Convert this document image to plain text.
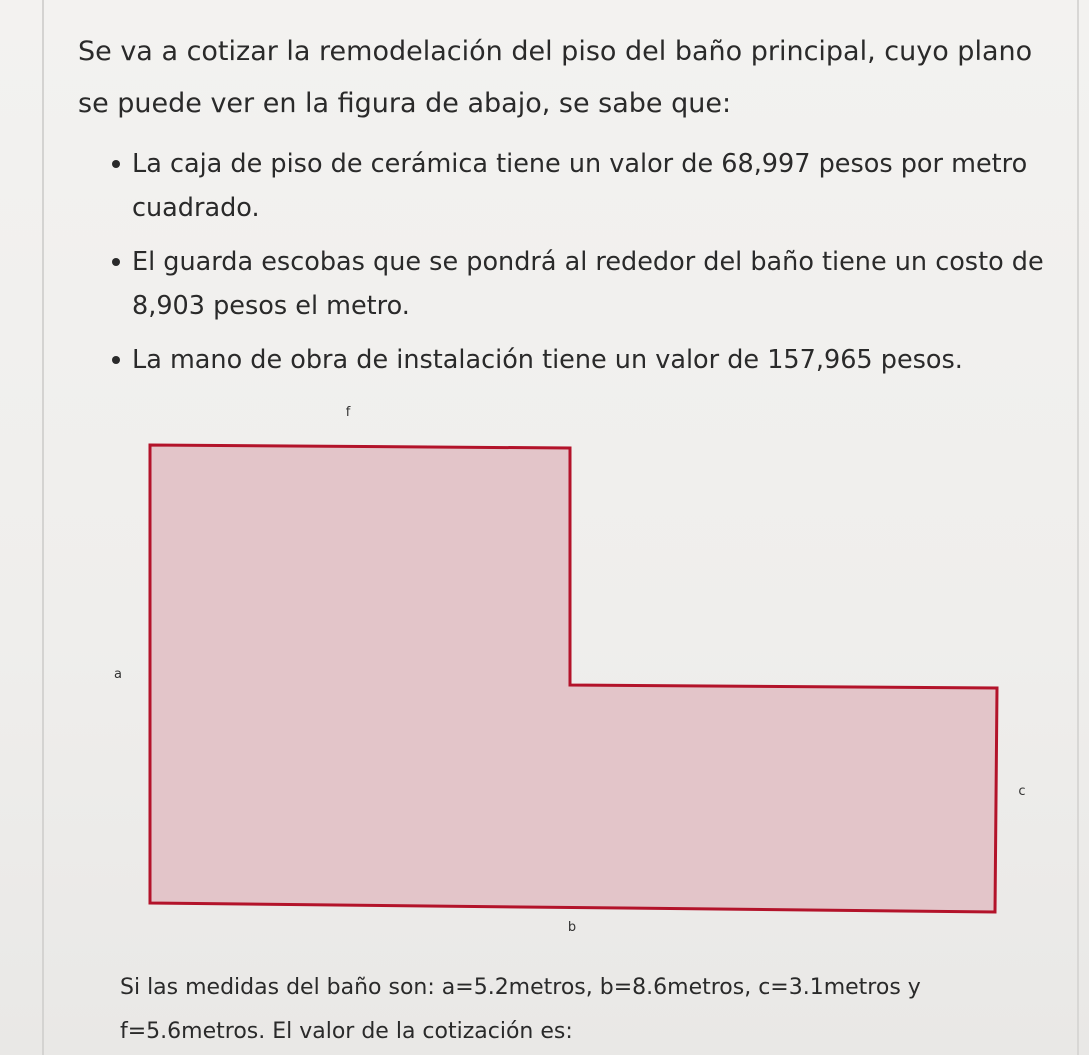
Se va a cotizar la remodelación del piso del baño principal, cuyo plano se puede ver en la figura de abajo, se sabe que:

La caja de piso de cerámica tiene un valor de 68,997 pesos por metro cuadrado.
El guarda escobas que se pondrá al rededor del baño tiene un costo de 8,903 pesos el metro.
La mano de obra de instalación tiene un valor de 157,965 pesos.
f
a
c
b

Si las medidas del baño son: a=5.2metros, b=8.6metros, c=3.1metros y f=5.6metros. El valor de la cotización es:
